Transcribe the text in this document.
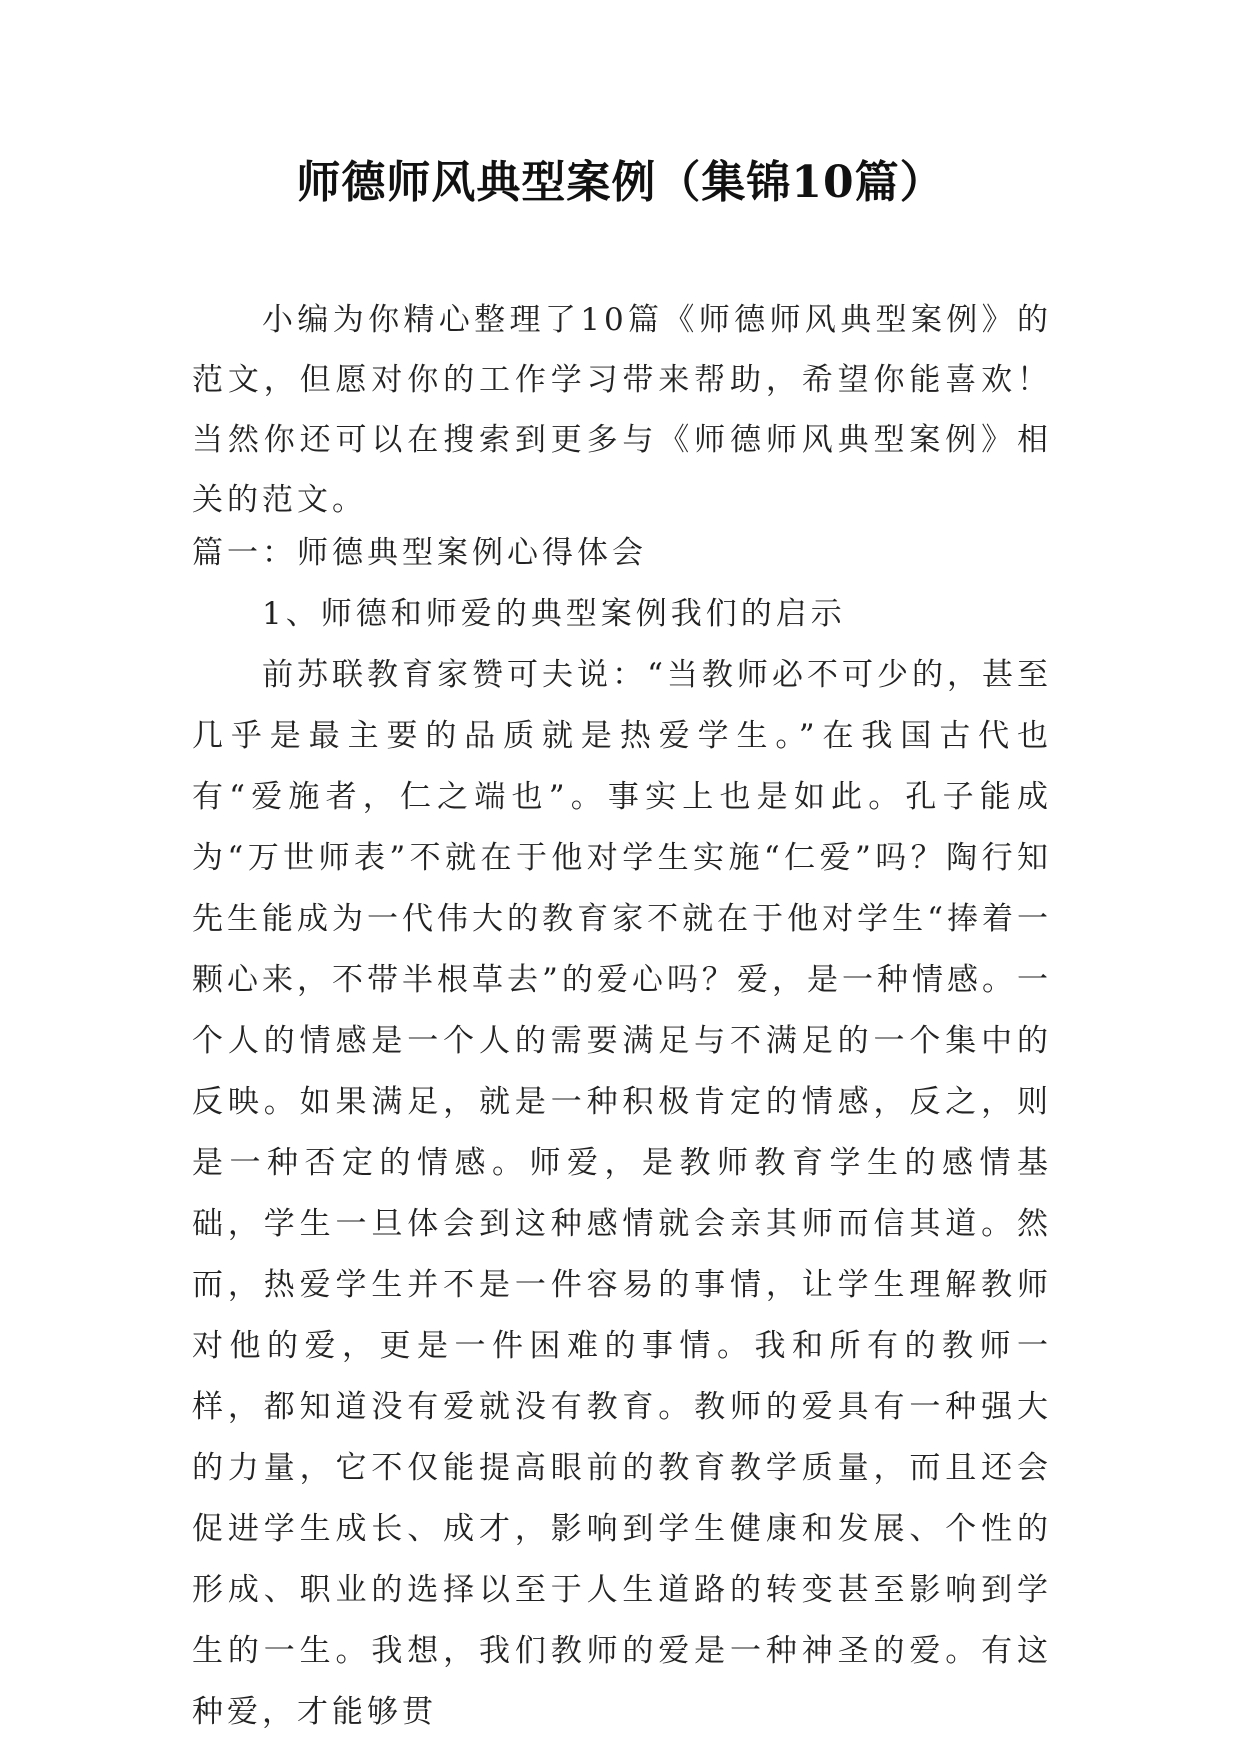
师德师风典型案例（集锦10篇）

小编为你精心整理了10篇《师德师风典型案例》的范文，但愿对你的工作学习带来帮助，希望你能喜欢！当然你还可以在搜索到更多与《师德师风典型案例》相关的范文。

篇一：师德典型案例心得体会

1、师德和师爱的典型案例我们的启示

前苏联教育家赞可夫说：“当教师必不可少的，甚至几乎是最主要的品质就是热爱学生。”在我国古代也有“爱施者，仁之端也”。事实上也是如此。孔子能成为“万世师表”不就在于他对学生实施“仁爱”吗？陶行知先生能成为一代伟大的教育家不就在于他对学生“捧着一颗心来，不带半根草去”的爱心吗？爱，是一种情感。一个人的情感是一个人的需要满足与不满足的一个集中的反映。如果满足，就是一种积极肯定的情感，反之，则是一种否定的情感。师爱，是教师教育学生的感情基础，学生一旦体会到这种感情就会亲其师而信其道。然而，热爱学生并不是一件容易的事情，让学生理解教师对他的爱，更是一件困难的事情。我和所有的教师一样，都知道没有爱就没有教育。教师的爱具有一种强大的力量，它不仅能提高眼前的教育教学质量，而且还会促进学生成长、成才，影响到学生健康和发展、个性的形成、职业的选择以至于人生道路的转变甚至影响到学生的一生。我想，我们教师的爱是一种神圣的爱。有这种爱，才能够贯
